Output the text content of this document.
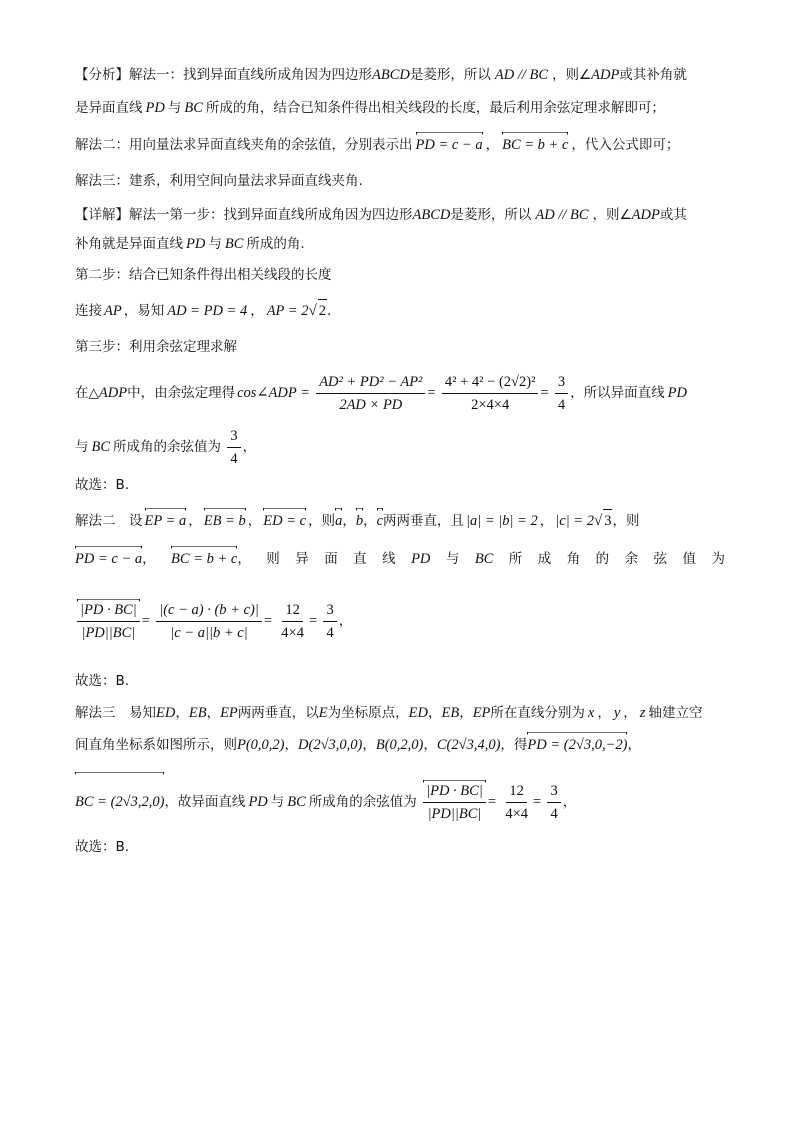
【分析】解法一：找到异面直线所成角因为四边形ABCD是菱形，所以 AD // BC ，则∠ADP或其补角就
是异面直线 PD 与 BC 所成的角，结合已知条件得出相关线段的长度，最后利用余弦定理求解即可；
解法二：用向量法求异面直线夹角的余弦值，分别表示出 PD = c − a ， BC = b + c ，代入公式即可；
解法三：建系，利用空间向量法求异面直线夹角.
【详解】解法一第一步：找到异面直线所成角因为四边形ABCD是菱形，所以 AD // BC ，则∠ADP或其
补角就是异面直线 PD 与 BC 所成的角.
第二步：结合已知条件得出相关线段的长度
连接 AP ，易知 AD = PD = 4 ， AP = 2√ 2.
第三步：利用余弦定理求解
在△ADP中，由余弦定理得 cos∠ADP = $\frac{\text{AD² + PD² − AP²}}{2AD \times PD} = \frac{\text{4² + 4² − (2√2)²}}{2\times 4\times 4} = \frac{3}{4}$ ，所以异面直线 PD
与 BC 所成角的余弦值为 $\frac{3}{4}$ ，
故选：B.
解法二　设 EP = a ， EB = b ， ED = c ，则a，b，c两两垂直，且 |a| = |b| = 2 ， |c| = 2√ 3，则
PD = c − a， BC = b + c， 则 异 面 直 线 PD 与 BC 所 成 角 的 余 弦 值 为
$\frac{|PD \cdot BC|}{|PD||BC|} = \frac{|(c - a) \cdot (b + c)|}{|c - a||b + c|} = \frac{12}{4\times 4} = \frac{3}{4}$ ，
故选：B.
解法三　易知ED，EB，EP两两垂直，以E为坐标原点，ED，EB，EP所在直线分别为 x ， y ， z 轴建立空
间直角坐标系如图所示，则P(0,0,2)，D(2√3,0,0)，B(0,2,0)，C(2√3,4,0)，得PD = (2√3,0,−2)，
BC = (2√3,2,0)，故异面直线 PD 与 BC 所成角的余弦值为 $\frac{|PD \cdot BC|}{|PD||BC|} = \frac{12}{4\times 4} = \frac{3}{4}$ ，
故选：B.
